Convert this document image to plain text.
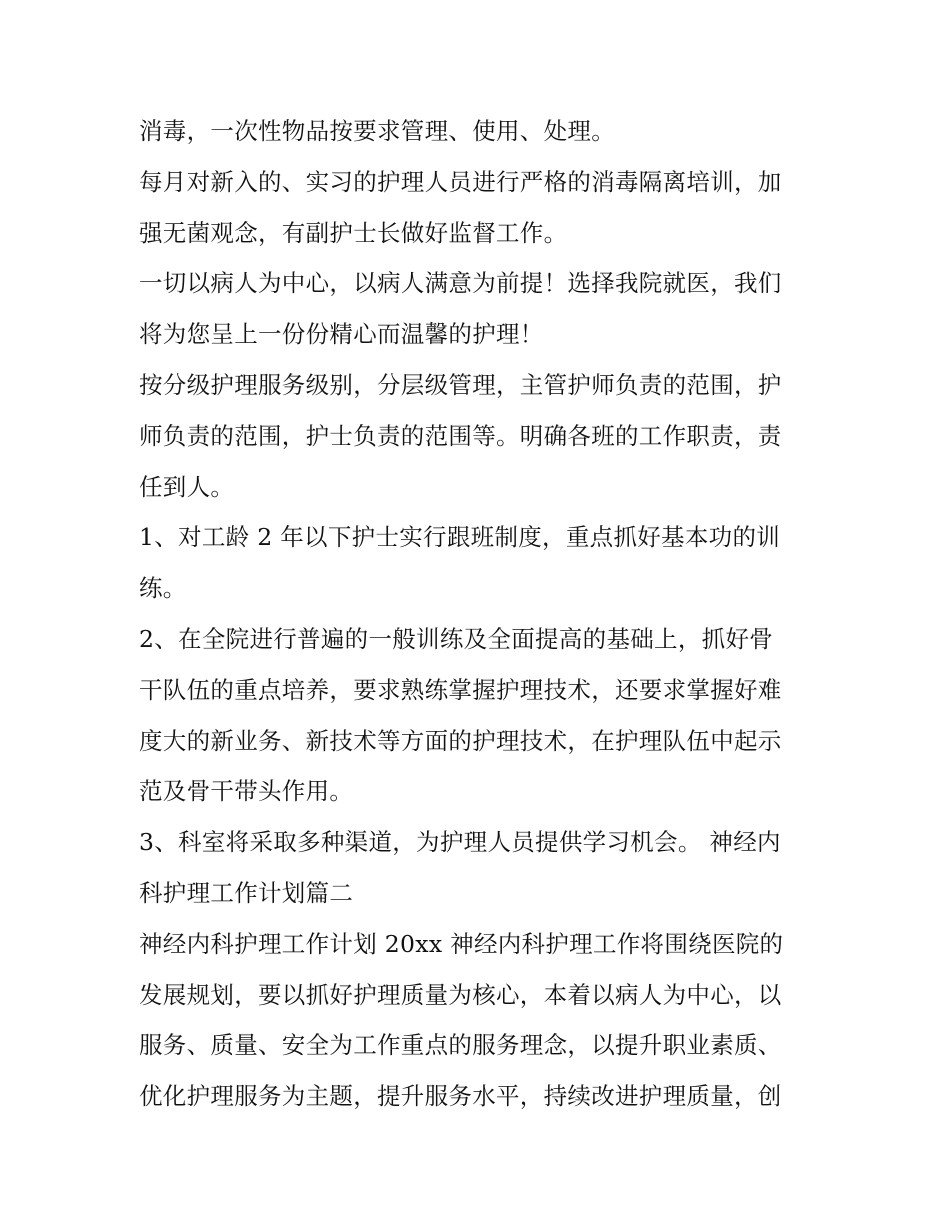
消毒，一次性物品按要求管理、使用、处理。
每月对新入的、实习的护理人员进行严格的消毒隔离培训，加
强无菌观念，有副护士长做好监督工作。
一切以病人为中心，以病人满意为前提！选择我院就医，我们
将为您呈上一份份精心而温馨的护理！
按分级护理服务级别，分层级管理，主管护师负责的范围，护
师负责的范围，护士负责的范围等。明确各班的工作职责，责
任到人。
1、对工龄 2 年以下护士实行跟班制度，重点抓好基本功的训
练。
2、在全院进行普遍的一般训练及全面提高的基础上，抓好骨
干队伍的重点培养，要求熟练掌握护理技术，还要求掌握好难
度大的新业务、新技术等方面的护理技术，在护理队伍中起示
范及骨干带头作用。
3、科室将采取多种渠道，为护理人员提供学习机会。 神经内
科护理工作计划篇二
神经内科护理工作计划 20xx 神经内科护理工作将围绕医院的
发展规划，要以抓好护理质量为核心，本着以病人为中心，以
服务、质量、安全为工作重点的服务理念，以提升职业素质、
优化护理服务为主题，提升服务水平，持续改进护理质量，创
